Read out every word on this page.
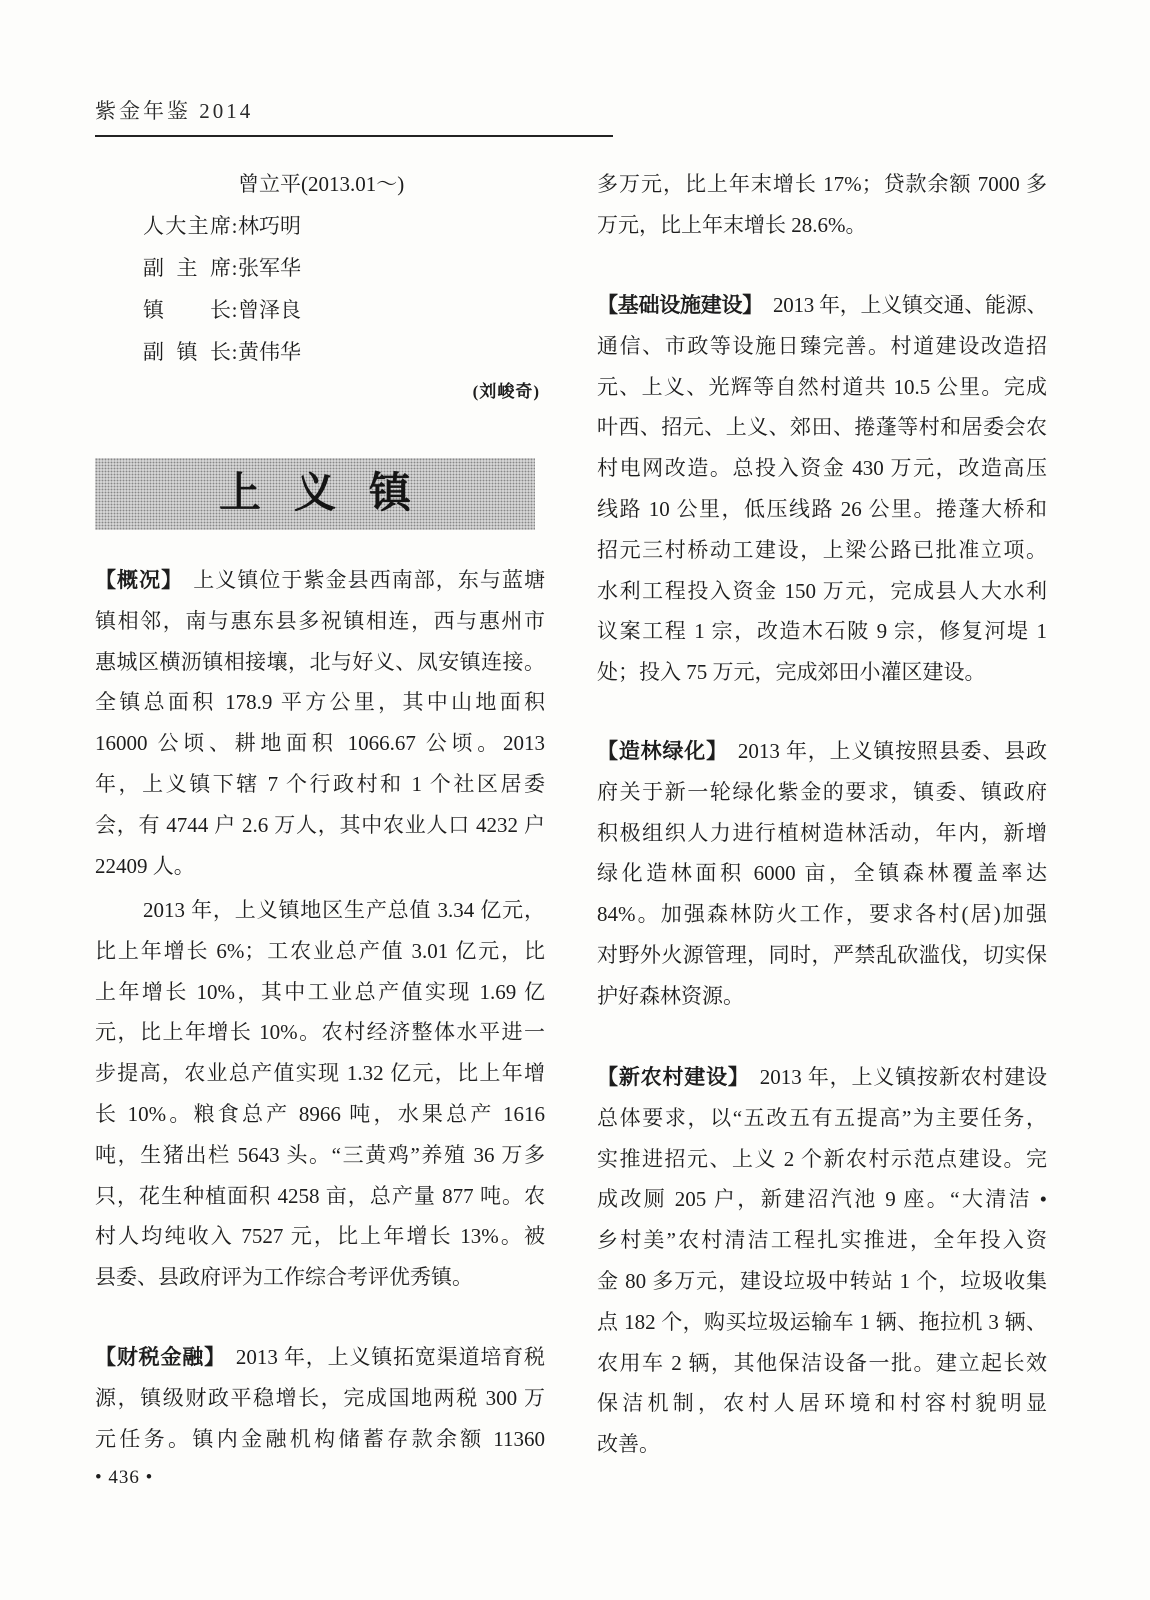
紫金年鉴 2014
曾立平(2013.01～)
人大主席:林巧明
副 主 席:张军华
镇　　长:曾泽良
副 镇 长:黄伟华
(刘峻奇)
上义镇
【概况】 上义镇位于紫金县西南部，东与蓝塘
镇相邻，南与惠东县多祝镇相连，西与惠州市
惠城区横沥镇相接壤，北与好义、凤安镇连接。
全镇总面积 178.9 平方公里，其中山地面积
16000 公顷、耕地面积 1066.67 公顷。2013
年，上义镇下辖 7 个行政村和 1 个社区居委
会，有 4744 户 2.6 万人，其中农业人口 4232 户
22409 人。
2013 年，上义镇地区生产总值 3.34 亿元，
比上年增长 6%；工农业总产值 3.01 亿元，比
上年增长 10%，其中工业总产值实现 1.69 亿
元，比上年增长 10%。农村经济整体水平进一
步提高，农业总产值实现 1.32 亿元，比上年增
长 10%。粮食总产 8966 吨，水果总产 1616
吨，生猪出栏 5643 头。“三黄鸡”养殖 36 万多
只，花生种植面积 4258 亩，总产量 877 吨。农
村人均纯收入 7527 元，比上年增长 13%。被
县委、县政府评为工作综合考评优秀镇。
【财税金融】 2013 年，上义镇拓宽渠道培育税
源，镇级财政平稳增长，完成国地两税 300 万
元任务。镇内金融机构储蓄存款余额 11360
• 436 •
多万元，比上年末增长 17%；贷款余额 7000 多
万元，比上年末增长 28.6%。
【基础设施建设】 2013 年，上义镇交通、能源、
通信、市政等设施日臻完善。村道建设改造招
元、上义、光辉等自然村道共 10.5 公里。完成
叶西、招元、上义、郊田、捲蓬等村和居委会农
村电网改造。总投入资金 430 万元，改造高压
线路 10 公里，低压线路 26 公里。捲蓬大桥和
招元三村桥动工建设，上梁公路已批准立项。
水利工程投入资金 150 万元，完成县人大水利
议案工程 1 宗，改造木石陂 9 宗，修复河堤 1
处；投入 75 万元，完成郊田小灌区建设。
【造林绿化】 2013 年，上义镇按照县委、县政
府关于新一轮绿化紫金的要求，镇委、镇政府
积极组织人力进行植树造林活动，年内，新增
绿化造林面积 6000 亩，全镇森林覆盖率达
84%。加强森林防火工作，要求各村(居)加强
对野外火源管理，同时，严禁乱砍滥伐，切实保
护好森林资源。
【新农村建设】 2013 年，上义镇按新农村建设
总体要求，以“五改五有五提高”为主要任务，
实推进招元、上义 2 个新农村示范点建设。完
成改厕 205 户，新建沼汽池 9 座。“大清洁 •
乡村美”农村清洁工程扎实推进，全年投入资
金 80 多万元，建设垃圾中转站 1 个，垃圾收集
点 182 个，购买垃圾运输车 1 辆、拖拉机 3 辆、
农用车 2 辆，其他保洁设备一批。建立起长效
保洁机制，农村人居环境和村容村貌明显
改善。
